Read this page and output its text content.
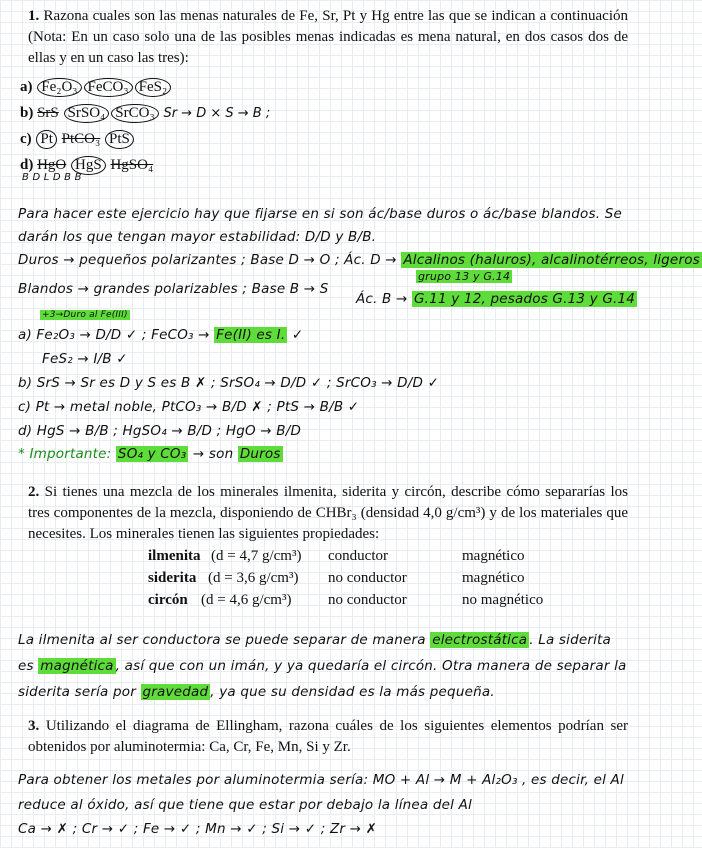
1. Razona cuales son las menas naturales de Fe, Sr, Pt y Hg entre las que se indican a continuación (Nota: En un caso solo una de las posibles menas indicadas es mena natural, en dos casos dos de ellas y en un caso las tres):
a) Fe₂O₃ FeCO₃ FeS₂
b) SrS SrSO₄ SrCO₃ Sr → D × S → B ;
c) Pt PtCO₃ PtS
d) HgO HgS HgSO₄
B D L D B B
Para hacer este ejercicio hay que fijarse en si son ác/base duros o ác/base blandos. Se
darán los que tengan mayor estabilidad: D/D y B/B.
Duros → pequeños polarizantes ; Base D → O ; Ác. D → Alcalinos (haluros), alcalinotérreos, ligeros
grupo 13 y G.14
Blandos → grandes polarizables ; Base B → S
Ác. B → G.11 y 12, pesados G.13 y G.14
+3→Duro al Fe(III)
a) Fe₂O₃ → D/D ✓ ; FeCO₃ → Fe(II) es I. ✓
FeS₂ → I/B ✓
b) SrS → Sr es D y S es B ✗ ; SrSO₄ → D/D ✓ ; SrCO₃ → D/D ✓
c) Pt → metal noble, PtCO₃ → B/D ✗ ; PtS → B/B ✓
d) HgS → B/B ; HgSO₄ → B/D ; HgO → B/D
* Importante: SO₄ y CO₃ → son Duros
2. Si tienes una mezcla de los minerales ilmenita, siderita y circón, describe cómo separarías los tres componentes de la mezcla, disponiendo de CHBr₃ (densidad 4,0 g/cm³) y de los materiales que necesites. Los minerales tienen las siguientes propiedades:
ilmenita (d = 4,7 g/cm³) conductor	magnético
siderita (d = 3,6 g/cm³) no conductor	magnético
circón (d = 4,6 g/cm³) no conductor	no magnético
La ilmenita al ser conductora se puede separar de manera electrostática . La siderita
es magnética , así que con un imán, y ya quedaría el circón. Otra manera de separar la
siderita sería por gravedad , ya que su densidad es la más pequeña.
3. Utilizando el diagrama de Ellingham, razona cuáles de los siguientes elementos podrían ser obtenidos por aluminotermia: Ca, Cr, Fe, Mn, Si y Zr.
Para obtener los metales por aluminotermia sería: MO + Al → M + Al₂O₃ , es decir, el Al
reduce al óxido, así que tiene que estar por debajo la línea del Al
Ca → ✗ ; Cr → ✓ ; Fe → ✓ ; Mn → ✓ ; Si → ✓ ; Zr → ✗
